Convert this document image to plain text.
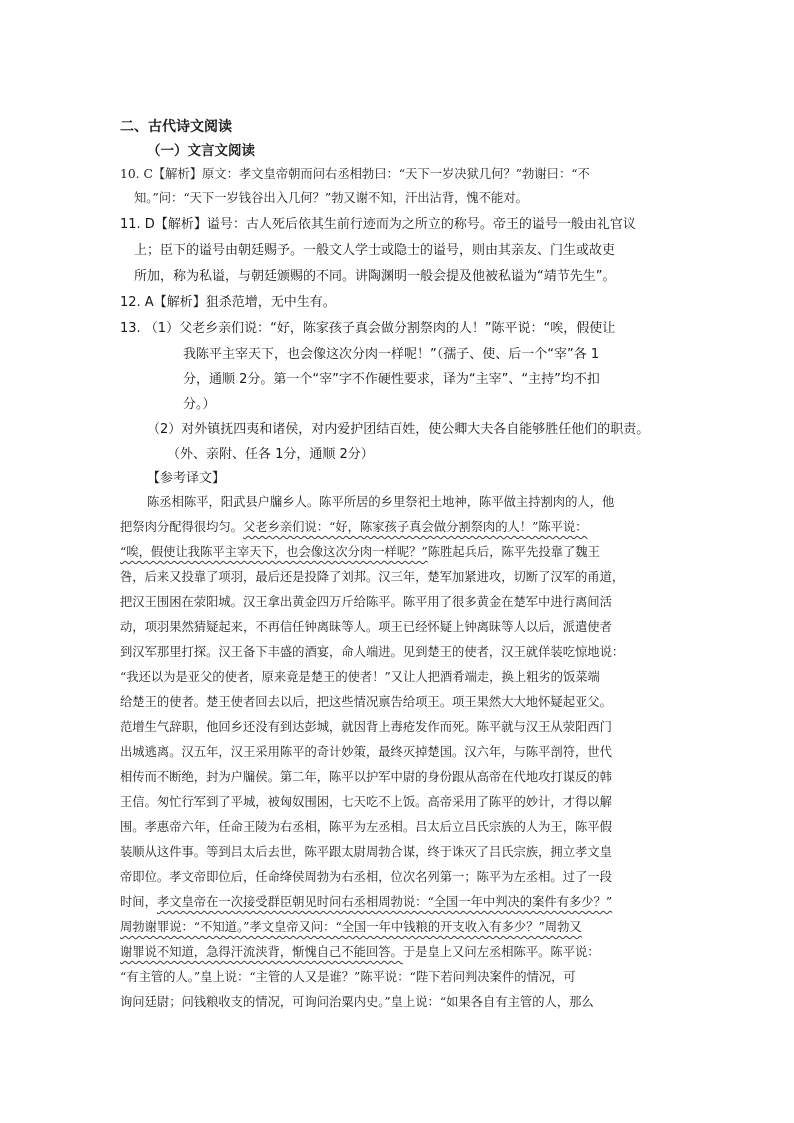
二、古代诗文阅读
（一）文言文阅读
10. C【解析】原文：孝文皇帝朝而问右丞相勃曰：“天下一岁决狱几何？”勃谢曰：“不
知。”问：“天下一岁钱谷出入几何？”勃又谢不知，汗出沾背，愧不能对。
11. D【解析】谥号：古人死后依其生前行迹而为之所立的称号。帝王的谥号一般由礼官议
上；臣下的谥号由朝廷赐予。一般文人学士或隐士的谥号，则由其亲友、门生或故吏
所加，称为私谥，与朝廷颁赐的不同。讲陶渊明一般会提及他被私谥为“靖节先生”。
12. A【解析】狙杀范增，无中生有。
13. （1）父老乡亲们说：“好，陈家孩子真会做分割祭肉的人！”陈平说：“唉，假使让
我陈平主宰天下，也会像这次分肉一样呢！”（孺子、使、后一个“宰”各 1
分，通顺 2分。第一个“宰”字不作硬性要求，译为“主宰”、“主持”均不扣
分。）
（2）对外镇抚四夷和诸侯，对内爱护团结百姓，使公卿大夫各自能够胜任他们的职责。
（外、亲附、任各 1分，通顺 2分）
【参考译文】
陈丞相陈平，阳武县户牖乡人。陈平所居的乡里祭祀土地神，陈平做主持割肉的人，他
把祭肉分配得很均匀。父老乡亲们说：“好，陈家孩子真会做分割祭肉的人！”陈平说：
“唉，假使让我陈平主宰天下，也会像这次分肉一样呢？”陈胜起兵后，陈平先投靠了魏王
咎，后来又投靠了项羽，最后还是投降了刘邦。汉三年，楚军加紧进攻，切断了汉军的甬道，
把汉王围困在荥阳城。汉王拿出黄金四万斤给陈平。陈平用了很多黄金在楚军中进行离间活
动，项羽果然猜疑起来，不再信任钟离昧等人。项王已经怀疑上钟离昧等人以后，派遣使者
到汉军那里打探。汉王备下丰盛的酒宴，命人端进。见到楚王的使者，汉王就佯装吃惊地说：
“我还以为是亚父的使者，原来竟是楚王的使者！”又让人把酒肴端走，换上粗劣的饭菜端
给楚王的使者。楚王使者回去以后，把这些情况禀告给项王。项王果然大大地怀疑起亚父。
范增生气辞职，他回乡还没有到达彭城，就因背上毒疮发作而死。陈平就与汉王从荥阳西门
出城逃离。汉五年，汉王采用陈平的奇计妙策，最终灭掉楚国。汉六年，与陈平剖符，世代
相传而不断绝，封为户牖侯。第二年，陈平以护军中尉的身份跟从高帝在代地攻打谋反的韩
王信。匆忙行军到了平城，被匈奴围困，七天吃不上饭。高帝采用了陈平的妙计，才得以解
围。孝惠帝六年，任命王陵为右丞相，陈平为左丞相。吕太后立吕氏宗族的人为王，陈平假
装顺从这件事。等到吕太后去世，陈平跟太尉周勃合谋，终于诛灭了吕氏宗族，拥立孝文皇
帝即位。孝文帝即位后，任命绛侯周勃为右丞相，位次名列第一；陈平为左丞相。过了一段
时间，孝文皇帝在一次接受群臣朝见时问右丞相周勃说：“全国一年中判决的案件有多少？”
周勃谢罪说：“不知道。”孝文皇帝又问：“全国一年中钱粮的开支收入有多少？”周勃又
谢罪说不知道，急得汗流浃背，惭愧自己不能回答。于是皇上又问左丞相陈平。陈平说：
“有主管的人。”皇上说：“主管的人又是谁？”陈平说：“陛下若问判决案件的情况，可
询问廷尉；问钱粮收支的情况，可询问治粟内史。”皇上说：“如果各自有主管的人，那么
